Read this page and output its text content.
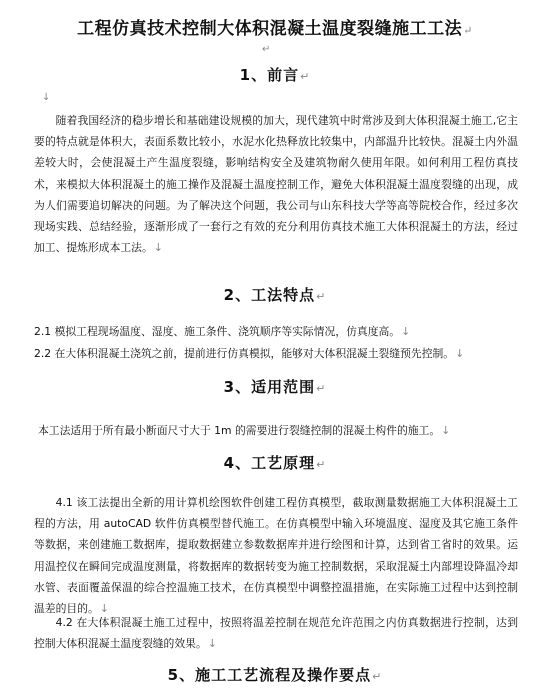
工程仿真技术控制大体积混凝土温度裂缝施工工法↵
↵
1、前言↵
↓
随着我国经济的稳步增长和基础建设规模的加大，现代建筑中时常涉及到大体积混凝土施工,它主要的特点就是体积大，表面系数比较小，水泥水化热释放比较集中，内部温升比较快。混凝土内外温差较大时，会使混凝土产生温度裂缝，影响结构安全及建筑物耐久使用年限。如何利用工程仿真技术，来模拟大体积混凝土的施工操作及混凝土温度控制工作，避免大体积混凝土温度裂缝的出现，成为人们需要追切解决的问题。为了解决这个问题，我公司与山东科技大学等高等院校合作，经过多次现场实践、总结经验，逐渐形成了一套行之有效的充分利用仿真技术施工大体积混凝土的方法，经过加工、提炼形成本工法。↓
2、工法特点↵
2.1 模拟工程现场温度、湿度、施工条件、浇筑顺序等实际情况，仿真度高。↓
2.2 在大体积混凝土浇筑之前，提前进行仿真模拟，能够对大体积混凝土裂缝预先控制。↓
3、适用范围↵
本工法适用于所有最小断面尺寸大于 1m 的需要进行裂缝控制的混凝土构件的施工。↓
4、工艺原理↵
4.1 该工法提出全新的用计算机绘图软件创建工程仿真模型，截取测量数据施工大体积混凝土工程的方法，用 autoCAD 软件仿真模型替代施工。在仿真模型中输入环境温度、湿度及其它施工条件等数据，来创建施工数据库，提取数据建立参数数据库并进行绘图和计算，达到省工省时的效果。运用温控仪在瞬间完成温度测量，将数据库的数据转变为施工控制数据，采取混凝土内部埋设降温冷却水管、表面覆盖保温的综合控温施工技术，在仿真模型中调整控温措施，在实际施工过程中达到控制温差的目的。↓
4.2 在大体积混凝土施工过程中，按照将温差控制在规范允许范围之内仿真数据进行控制，达到控制大体积混凝土温度裂缝的效果。↓
5、施工工艺流程及操作要点↵
